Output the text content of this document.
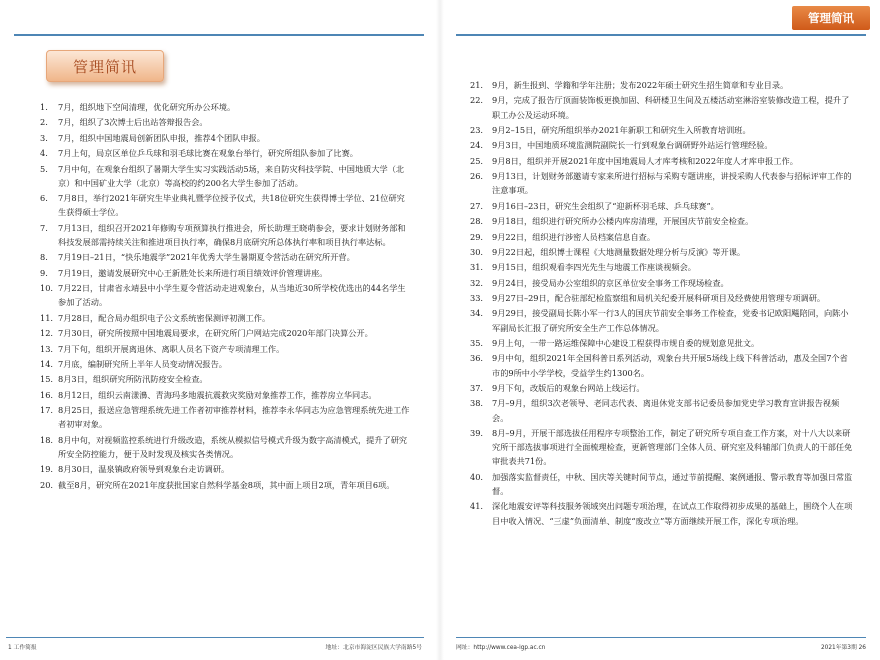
管理简讯
1.	7月，组织地下空间清理，优化研究所办公环境。
2.	7月，组织了3次博士后出站答辩报告会。
3.	7月，组织中国地震局创新团队申报，推荐4个团队申报。
4.	7月上旬，局京区单位乒乓球和羽毛球比赛在观象台举行，研究所组队参加了比赛。
5.	7月中旬，在观象台组织了暑期大学生实习实践活动5场，来自防灾科技学院、中国地质大学（北京）和中国矿业大学（北京）等高校的约200名大学生参加了活动。
6.	7月8日，举行2021年研究生毕业典礼暨学位授予仪式，共18位研究生获得博士学位、21位研究生获得硕士学位。
7.	7月13日，组织召开2021年修购专项预算执行推进会，所长助理王晓萌参会，要求计划财务部和科技发展部需持续关注和推进项目执行率，确保8月底研究所总体执行率和项目执行率达标。
8.	7月19日–21日，“快乐地震学”2021年优秀大学生暑期夏令营活动在研究所开营。
9.	7月19日，邀请发展研究中心王新胜处长来所进行项目绩效评价管理讲座。
10. 7月22日，甘肃省永靖县中小学生夏令营活动走进观象台，从当地近30所学校优选出的44名学生参加了活动。
11. 7月28日，配合局办组织电子公文系统密保测评初测工作。
12. 7月30日，研究所按照中国地震局要求，在研究所门户网站完成2020年部门决算公开。
13. 7月下旬，组织开展离退休、离职人员名下资产专项清理工作。
14. 7月底，编制研究所上半年人员变动情况报告。
15. 8月3日，组织研究所防汛防疫安全检查。
16. 8月12日，组织云南漾濞、青海玛多地震抗震救灾奖励对象推荐工作，推荐房立华同志。
17. 8月25日，报送应急管理系统先进工作者初审推荐材料，推荐李永华同志为应急管理系统先进工作者初审对象。
18. 8月中旬，对视频监控系统进行升级改造，系统从模拟信号模式升级为数字高清模式，提升了研究所安全防控能力，便于及时发现及核实各类情况。
19. 8月30日，温泉镇政府领导到观象台走访调研。
20. 截至8月，研究所在2021年度获批国家自然科学基金8项，其中面上项目2项，青年项目6项。
1 工作简报	地址：北京市海淀区民族大学南路5号
管理简讯
21.	9月，新生报到、学籍和学年注册；发布2022年硕士研究生招生简章和专业目录。
22.	9月，完成了报告厅顶面装饰板更换加固、科研楼卫生间及五楼活动室淋浴室装修改造工程，提升了职工办公及运动环境。
23.	9月2–15日，研究所组织举办2021年新职工和研究生入所教育培训班。
24.	9月3日，中国地质环境监测院副院长一行到观象台调研野外站运行管理经验。
25.	9月8日，组织并开展2021年度中国地震局人才库考核和2022年度人才库申报工作。
26.	9月13日，计划财务部邀请专家来所进行招标与采购专题讲座，讲授采购人代表参与招标评审工作的注意事项。
27.	9月16日–23日，研究生会组织了“迎新杯羽毛球、乒乓球赛”。
28.	9月18日，组织进行研究所办公楼内库房清理，开展国庆节前安全检查。
29.	9月22日，组织进行涉密人员档案信息自查。
30.	9月22日起，组织博士课程《大地测量数据处理分析与反演》等开课。
31.	9月15日，组织观看李四光先生与地震工作座谈视频会。
32.	9月24日，接受局办公室组织的京区单位安全事务工作现场检查。
33.	9月27日–29日，配合驻部纪检监察组和局机关纪委开展科研项目及经费使用管理专项调研。
34.	9月29日，接受副局长陈小军一行3人的国庆节前安全事务工作检查，党委书记欧阳飚陪同，向陈小军副局长汇报了研究所安全生产工作总体情况。
35.	9月上旬，一带一路运维保障中心建设工程获得市规自委的规划意见批文。
36.	9月中旬，组织2021年全国科普日系列活动，观象台共开展5场线上线下科普活动，惠及全国7个省市的9所中小学学校，受益学生约1300名。
37.	9月下旬，改版后的观象台网站上线运行。
38.	7月–9月，组织3次老领导、老同志代表、离退休党支部书记委员参加党史学习教育宣讲报告视频会。
39.	8月–9月，开展干部选拔任用程序专项整治工作，制定了研究所专项自查工作方案，对十八大以来研究所干部选拔事项进行全面梳理检查，更新管理部门全体人员、研究室及科辅部门负责人的干部任免审批表共71份。
40.	加强落实监督责任，中秋、国庆等关键时间节点，通过节前提醒、案例通报、警示教育等加强日常监督。
41.	深化地震安评等科技服务领域突出问题专项治理，在试点工作取得初步成果的基础上，围绕个人在项目中收入情况、“三虚”负面清单、制度“废改立”等方面继续开展工作，深化专项治理。
网址：http://www.cea-igp.ac.cn	2021年第3期 26
